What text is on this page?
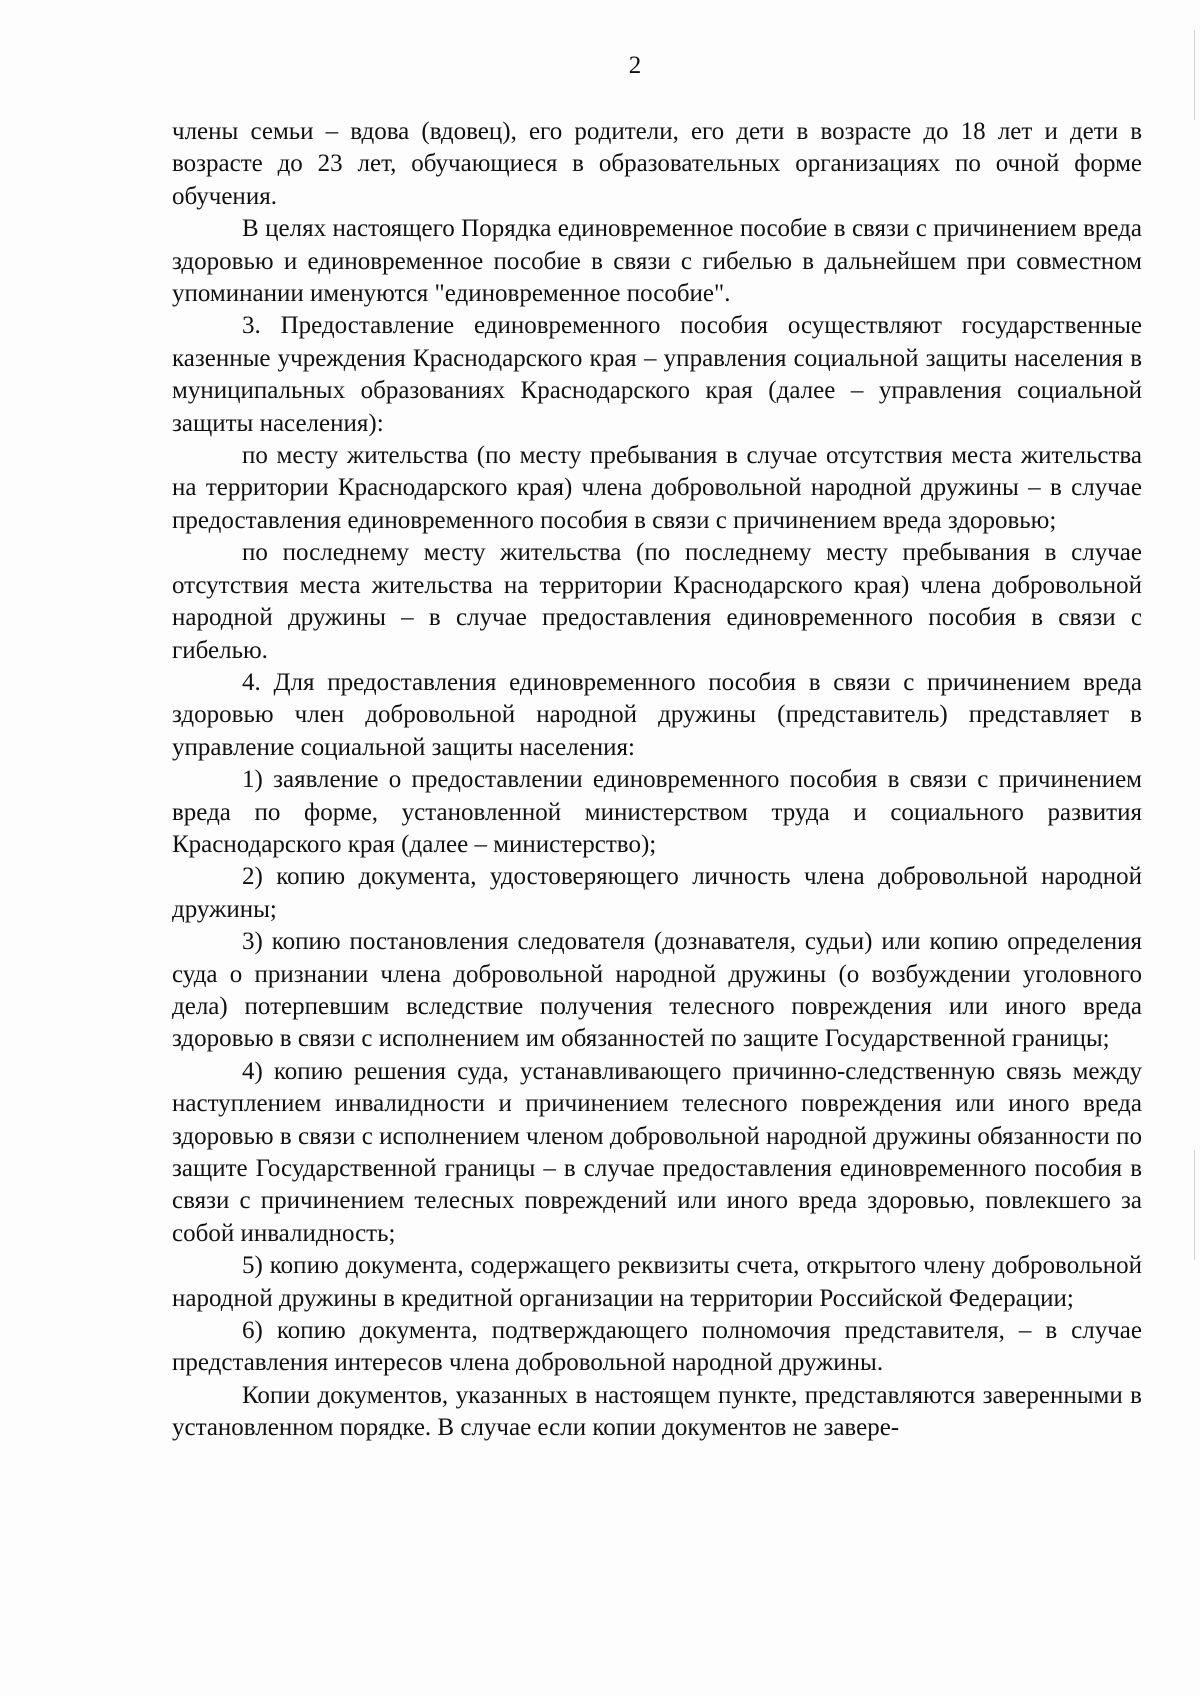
2

члены семьи – вдова (вдовец), его родители, его дети в возрасте до 18 лет и дети в возрасте до 23 лет, обучающиеся в образовательных организациях по очной форме обучения.

В целях настоящего Порядка единовременное пособие в связи с причинением вреда здоровью и единовременное пособие в связи с гибелью в дальнейшем при совместном упоминании именуются "единовременное пособие".

3. Предоставление единовременного пособия осуществляют государственные казенные учреждения Краснодарского края – управления социальной защиты населения в муниципальных образованиях Краснодарского края (далее – управления социальной защиты населения):

по месту жительства (по месту пребывания в случае отсутствия места жительства на территории Краснодарского края) члена добровольной народной дружины – в случае предоставления единовременного пособия в связи с причинением вреда здоровью;

по последнему месту жительства (по последнему месту пребывания в случае отсутствия места жительства на территории Краснодарского края) члена добровольной народной дружины – в случае предоставления единовременного пособия в связи с гибелью.

4. Для предоставления единовременного пособия в связи с причинением вреда здоровью член добровольной народной дружины (представитель) представляет в управление социальной защиты населения:

1) заявление о предоставлении единовременного пособия в связи с причинением вреда по форме, установленной министерством труда и социального развития Краснодарского края (далее – министерство);

2) копию документа, удостоверяющего личность члена добровольной народной дружины;

3) копию постановления следователя (дознавателя, судьи) или копию определения суда о признании члена добровольной народной дружины (о возбуждении уголовного дела) потерпевшим вследствие получения телесного повреждения или иного вреда здоровью в связи с исполнением им обязанностей по защите Государственной границы;

4) копию решения суда, устанавливающего причинно-следственную связь между наступлением инвалидности и причинением телесного повреждения или иного вреда здоровью в связи с исполнением членом добровольной народной дружины обязанности по защите Государственной границы – в случае предоставления единовременного пособия в связи с причинением телесных повреждений или иного вреда здоровью, повлекшего за собой инвалидность;

5) копию документа, содержащего реквизиты счета, открытого члену добровольной народной дружины в кредитной организации на территории Российской Федерации;

6) копию документа, подтверждающего полномочия представителя, – в случае представления интересов члена добровольной народной дружины.

Копии документов, указанных в настоящем пункте, представляются заверенными в установленном порядке. В случае если копии документов не завере-
